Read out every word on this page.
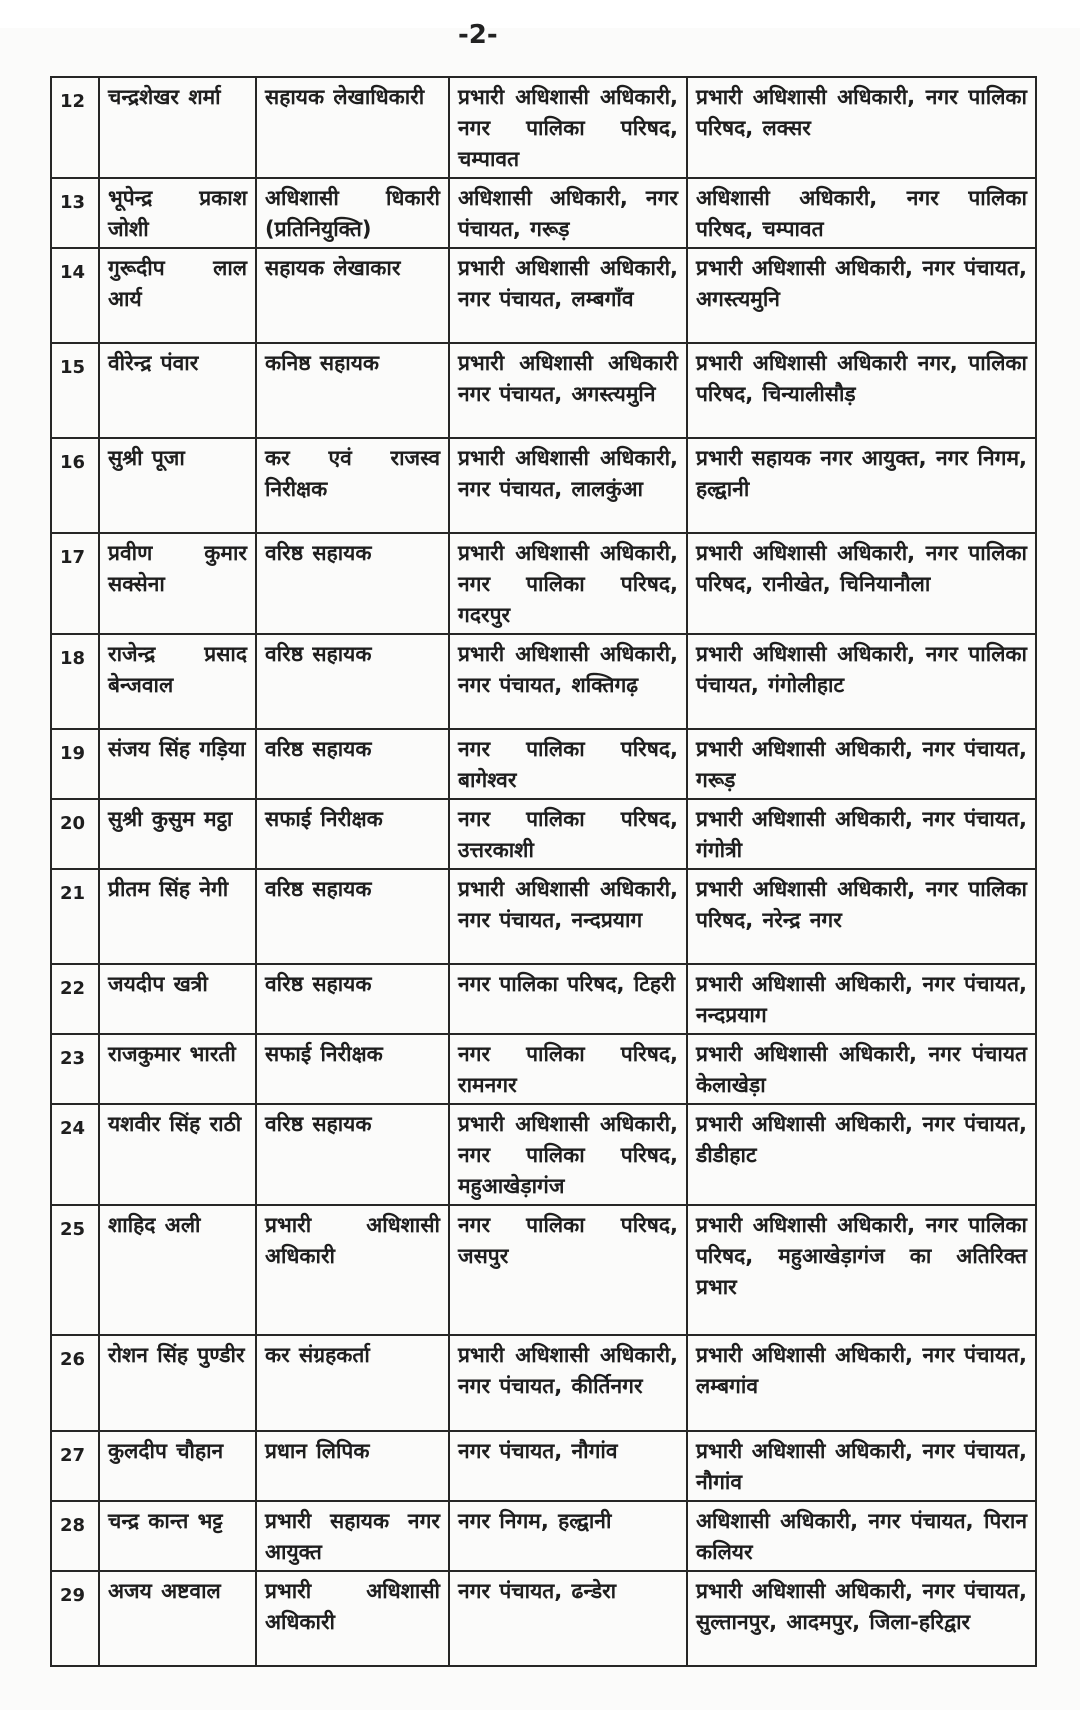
-2-
12	चन्द्रशेखर शर्मा	सहायक लेखाधिकारी	प्रभारी अधिशासी अधिकारी, नगर पालिका परिषद, चम्पावत	प्रभारी अधिशासी अधिकारी, नगर पालिका परिषद, लक्सर
13	भूपेन्द्र प्रकाश जोशी	अधिशासी धिकारी (प्रतिनियुक्ति)	अधिशासी अधिकारी, नगर पंचायत, गरूड़	अधिशासी अधिकारी, नगर पालिका परिषद, चम्पावत
14	गुरूदीप लाल आर्य	सहायक लेखाकार	प्रभारी अधिशासी अधिकारी, नगर पंचायत, लम्बगाँव	प्रभारी अधिशासी अधिकारी, नगर पंचायत, अगस्त्यमुनि
15	वीरेन्द्र पंवार	कनिष्ठ सहायक	प्रभारी अधिशासी अधिकारी नगर पंचायत, अगस्त्यमुनि	प्रभारी अधिशासी अधिकारी नगर, पालिका परिषद, चिन्यालीसौड़
16	सुश्री पूजा	कर एवं राजस्व निरीक्षक	प्रभारी अधिशासी अधिकारी, नगर पंचायत, लालकुंआ	प्रभारी सहायक नगर आयुक्त, नगर निगम, हल्द्वानी
17	प्रवीण कुमार सक्सेना	वरिष्ठ सहायक	प्रभारी अधिशासी अधिकारी, नगर पालिका परिषद, गदरपुर	प्रभारी अधिशासी अधिकारी, नगर पालिका परिषद, रानीखेत, चिनियानौला
18	राजेन्द्र प्रसाद बेन्जवाल	वरिष्ठ सहायक	प्रभारी अधिशासी अधिकारी, नगर पंचायत, शक्तिगढ़	प्रभारी अधिशासी अधिकारी, नगर पालिका पंचायत, गंगोलीहाट
19	संजय सिंह गड़िया	वरिष्ठ सहायक	नगर पालिका परिषद, बागेश्वर	प्रभारी अधिशासी अधिकारी, नगर पंचायत, गरूड़
20	सुश्री कुसुम मट्ठा	सफाई निरीक्षक	नगर पालिका परिषद, उत्तरकाशी	प्रभारी अधिशासी अधिकारी, नगर पंचायत, गंगोत्री
21	प्रीतम सिंह नेगी	वरिष्ठ सहायक	प्रभारी अधिशासी अधिकारी, नगर पंचायत, नन्दप्रयाग	प्रभारी अधिशासी अधिकारी, नगर पालिका परिषद, नरेन्द्र नगर
22	जयदीप खत्री	वरिष्ठ सहायक	नगर पालिका परिषद, टिहरी	प्रभारी अधिशासी अधिकारी, नगर पंचायत, नन्दप्रयाग
23	राजकुमार भारती	सफाई निरीक्षक	नगर पालिका परिषद, रामनगर	प्रभारी अधिशासी अधिकारी, नगर पंचायत केलाखेड़ा
24	यशवीर सिंह राठी	वरिष्ठ सहायक	प्रभारी अधिशासी अधिकारी, नगर पालिका परिषद, महुआखेड़ागंज	प्रभारी अधिशासी अधिकारी, नगर पंचायत, डीडीहाट
25	शाहिद अली	प्रभारी अधिशासी अधिकारी	नगर पालिका परिषद, जसपुर	प्रभारी अधिशासी अधिकारी, नगर पालिका परिषद, महुआखेड़ागंज का अतिरिक्त प्रभार
26	रोशन सिंह पुण्डीर	कर संग्रहकर्ता	प्रभारी अधिशासी अधिकारी, नगर पंचायत, कीर्तिनगर	प्रभारी अधिशासी अधिकारी, नगर पंचायत, लम्बगांव
27	कुलदीप चौहान	प्रधान लिपिक	नगर पंचायत, नौगांव	प्रभारी अधिशासी अधिकारी, नगर पंचायत, नौगांव
28	चन्द्र कान्त भट्ट	प्रभारी सहायक नगर आयुक्त	नगर निगम, हल्द्वानी	अधिशासी अधिकारी, नगर पंचायत, पिरान कलियर
29	अजय अष्टवाल	प्रभारी अधिशासी अधिकारी	नगर पंचायत, ढन्डेरा	प्रभारी अधिशासी अधिकारी, नगर पंचायत, सुल्तानपुर, आदमपुर, जिला-हरिद्वार
